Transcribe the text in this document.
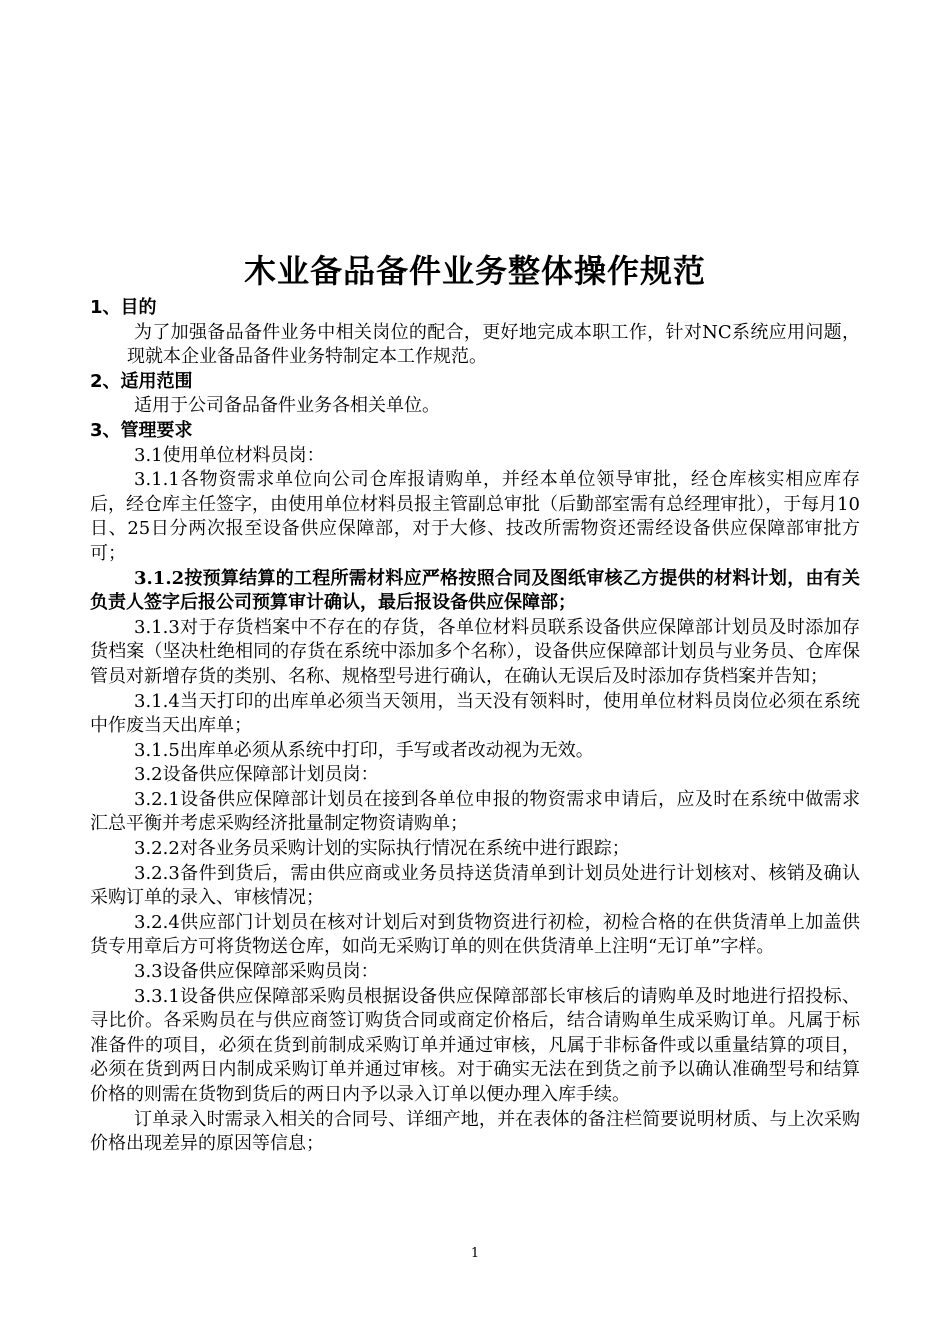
木业备品备件业务整体操作规范

1、目的

为了加强备品备件业务中相关岗位的配合，更好地完成本职工作，针对NC系统应用问题，现就本企业备品备件业务特制定本工作规范。

2、适用范围

适用于公司备品备件业务各相关单位。

3、管理要求

3.1使用单位材料员岗：

3.1.1各物资需求单位向公司仓库报请购单，并经本单位领导审批，经仓库核实相应库存后，经仓库主任签字，由使用单位材料员报主管副总审批（后勤部室需有总经理审批），于每月10日、25日分两次报至设备供应保障部，对于大修、技改所需物资还需经设备供应保障部审批方可；

3.1.2按预算结算的工程所需材料应严格按照合同及图纸审核乙方提供的材料计划，由有关负责人签字后报公司预算审计确认，最后报设备供应保障部；

3.1.3对于存货档案中不存在的存货，各单位材料员联系设备供应保障部计划员及时添加存货档案（坚决杜绝相同的存货在系统中添加多个名称），设备供应保障部计划员与业务员、仓库保管员对新增存货的类别、名称、规格型号进行确认，在确认无误后及时添加存货档案并告知；

3.1.4当天打印的出库单必须当天领用，当天没有领料时，使用单位材料员岗位必须在系统中作废当天出库单；

3.1.5出库单必须从系统中打印，手写或者改动视为无效。

3.2设备供应保障部计划员岗：

3.2.1设备供应保障部计划员在接到各单位申报的物资需求申请后，应及时在系统中做需求汇总平衡并考虑采购经济批量制定物资请购单；

3.2.2对各业务员采购计划的实际执行情况在系统中进行跟踪；

3.2.3备件到货后，需由供应商或业务员持送货清单到计划员处进行计划核对、核销及确认采购订单的录入、审核情况；

3.2.4供应部门计划员在核对计划后对到货物资进行初检，初检合格的在供货清单上加盖供货专用章后方可将货物送仓库，如尚无采购订单的则在供货清单上注明“无订单”字样。

3.3设备供应保障部采购员岗：

3.3.1设备供应保障部采购员根据设备供应保障部部长审核后的请购单及时地进行招投标、寻比价。各采购员在与供应商签订购货合同或商定价格后，结合请购单生成采购订单。凡属于标准备件的项目，必须在货到前制成采购订单并通过审核，凡属于非标备件或以重量结算的项目，必须在货到两日内制成采购订单并通过审核。对于确实无法在到货之前予以确认准确型号和结算价格的则需在货物到货后的两日内予以录入订单以便办理入库手续。

订单录入时需录入相关的合同号、详细产地，并在表体的备注栏简要说明材质、与上次采购价格出现差异的原因等信息；

1
